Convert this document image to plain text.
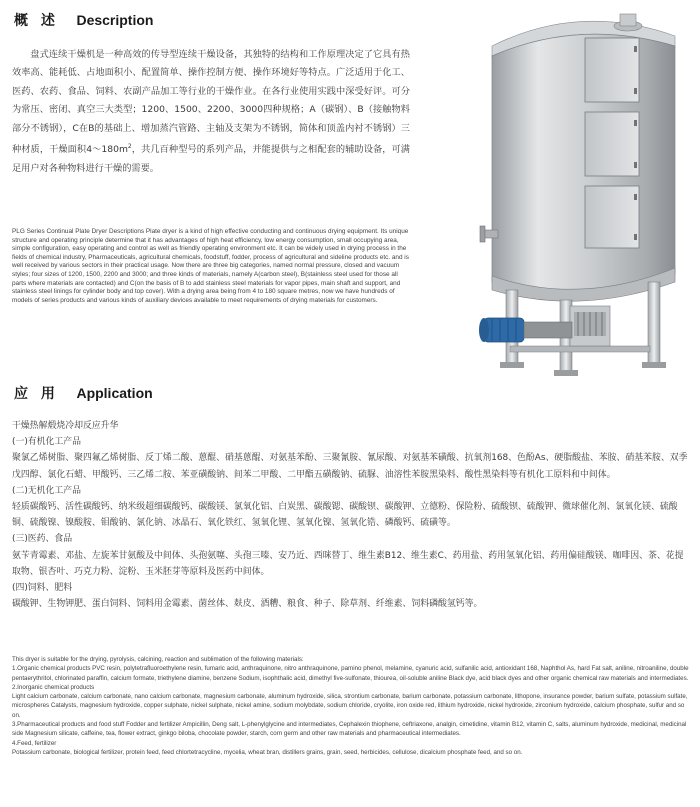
概 述 Description
盘式连续干燥机是一种高效的传导型连续干燥设备，其独特的结构和工作原理决定了它具有热效率高、能耗低、占地面积小、配置简单、操作控制方便、操作环境好等特点。广泛适用于化工、医药、农药、食品、饲料、农副产品加工等行业的干燥作业。在各行业使用实践中深受好评。可分为常压、密闭、真空三大类型；1200、1500、2200、3000四种规格；A（碳钢）、B（接触物料部分不锈钢），C在B的基础上、增加蒸汽管路、主轴及支架为不锈钢，简体和顶盖内衬不锈钢）三种材质，干燥面积$4\sim 180m^2$，共几百种型号的系列产品，并能提供与之相配套的辅助设备，可满足用户对各种物料进行干燥的需要。
PLG Series Continual Plate Dryer Descriptions Plate dryer is a kind of high effective conducting and continuous drying equipment. Its unique structure and operating principle determine that it has advantages of high heat efficiency, low energy consumption, small occupying area, simple configuration, easy operating and control as well as friendly operating environment etc. It can be widely used in drying process in the fields of chemical industry, Pharmaceuticals, agricultural chemicals, foodstuff, fodder, process of agricultural and sideline products etc. and is well received by various sectors in their practical usage. Now there are three big categories, named normal pressure, closed and vacuum styles; four sizes of 1200, 1500, 2200 and 3000; and three kinds of materials, namely A(carbon steel), B(stainless steel used for those all parts where materials are contacted) and C(on the basis of B to add stainless steel materials for vapor pipes, main shaft and support, and stainless steel linings for cylinder body and top cover). With a drying area being from 4 to 180 square metres, now we have hundreds of models of series products and various kinds of auxiliary devices available to meet requirements of drying materials for customers.
应 用 Application

干燥热解煅烧冷却反应升华

(一)有机化工产品

聚氯乙烯树脂、聚四氟乙烯树脂、反丁烯二酸、蒽醌、硝基蒽醌、对氨基苯酚、三聚氰胺、氰尿酸、对氨基苯磺酸、抗氧剂168、色酚As、硬脂酸盐、苯胺、硝基苯胺、双季戊四醇、氯化石蜡、甲酸钙、三乙烯二胺、苯亚磺酸钠、间苯二甲酸、二甲酯五磺酸钠、硫脲、油溶性苯胺黑染料、酸性黑染料等有机化工原料和中间体。

(二)无机化工产品

轻质碳酸钙、活性碳酸钙、纳米级超细碳酸钙、碳酸镁、氯氧化铝、白炭黑、碳酸锶、碳酸钡、碳酸钾、立德粉、保险粉、硫酸钡、硫酸钾、微球催化剂、氯氧化镁、硫酸铜、硫酸镍、镍酸胺、钼酸钠、氯化钠、冰晶石、氧化铁红、氢氧化锂、氢氧化镍、氢氧化锆、磷酸钙、硫磺等。

(三)医药、食品

氨苄青霉素、邓盐、左旋苯甘氨酸及中间体、头孢氨噻、头孢三嗪、安乃近、西咪替丁、维生素B12、维生素C、药用盐、药用氢氧化铝、药用偏硅酸镁、咖啡因、茶、花提取物、银杏叶、巧克力粉、淀粉、玉米胚芽等原料及医药中间体。

(四)饲料、肥料

碳酸钾、生物钾肥、蛋白饲料、饲料用金霉素、菌丝体、麸皮、酒糟、粮食、种子、除草剂、纤维素、饲料磷酸氢钙等。

This dryer is suitable for the drying, pyrolysis, calcining, reaction and sublimation of the following materials:

1.Organic chemical products PVC resin, polytetrafluoroethylene resin, fumaric acid, anthraquinone, nitro anthraquinone, pamino phenol, melamine, cyanuric acid, sulfanilic acid, antioxidant 168, Naphthol As, hard Fat salt, aniline, nitroaniline, double pentaerythritol, chlorinated paraffin, calcium formate, triethylene diamine, benzene Sodium, isophthalic acid, dimethyl five-sulfonate, thiourea, oil-soluble aniline Black dye, acid black dyes and other organic chemical raw materials and intermediates.

2.Inorganic chemical products

Light calcium carbonate, calcium carbonate, nano calcium carbonate, magnesium carbonate, aluminum hydroxide, silica, strontium carbonate, barium carbonate, potassium carbonate, lithopone, insurance powder, barium sulfate, potassium sulfate, microspheres Catalysts, magnesium hydroxide, copper sulphate, nickel sulphate, nickel amine, sodium molybdate, sodium chloride, cryolite, iron oxide red, lithium hydroxide, nickel hydroxide, zirconium hydroxide, calcium phosphate, sulfur and so on.

3.Pharmaceutical products and food stuff Fodder and fertilizer Ampicillin, Deng salt, L-phenylglycine and intermediates, Cephalexin thiophene, ceftriaxone, analgin, cimetidine, vitamin B12, vitamin C, salts, aluminum hydroxide, medicinal, medicinal side Magnesium silicate, caffeine, tea, flower extract, ginkgo biloba, chocolate powder, starch, corn germ and other raw materials and pharmaceutical intermediates.

4.Feed, fertilizer

Potassium carbonate, biological fertilizer, protein feed, feed chlortetracycline, mycelia, wheat bran, distillers grains, grain, seed, herbicides, cellulose, dicalcium phosphate feed, and so on.
